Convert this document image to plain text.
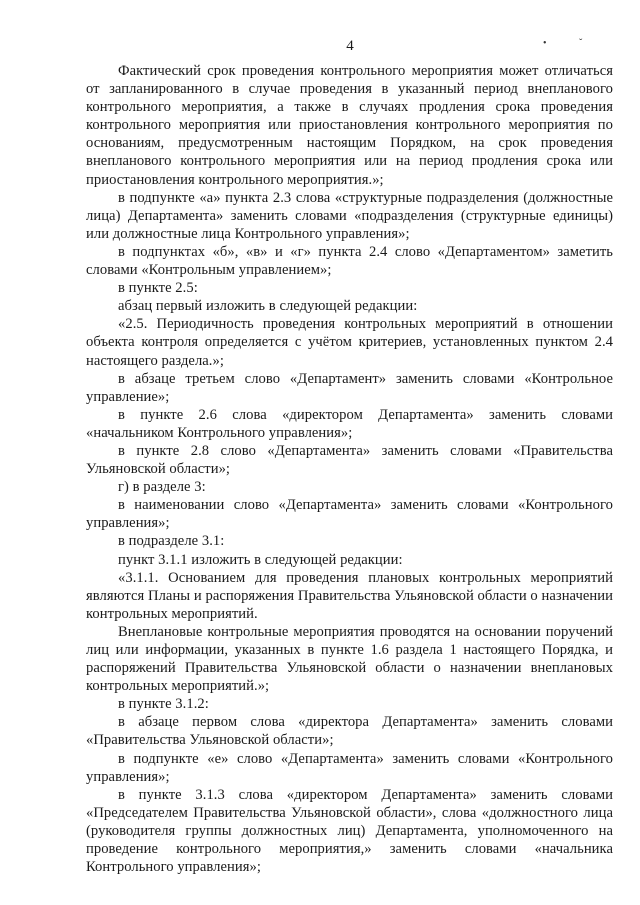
4	•	ˇ

Фактический срок проведения контрольного мероприятия может отличаться от запланированного в случае проведения в указанный период внепланового контрольного мероприятия, а также в случаях продления срока проведения контрольного мероприятия или приостановления контрольного мероприятия по основаниям, предусмотренным настоящим Порядком, на срок проведения внепланового контрольного мероприятия или на период продления срока или приостановления контрольного мероприятия.»;

в подпункте «а» пункта 2.3 слова «структурные подразделения (должностные лица) Департамента» заменить словами «подразделения (структурные единицы) или должностные лица Контрольного управления»;

в подпунктах «б», «в» и «г» пункта 2.4 слово «Департаментом» заметить словами «Контрольным управлением»;

в пункте 2.5:

абзац первый изложить в следующей редакции:

«2.5. Периодичность проведения контрольных мероприятий в отношении объекта контроля определяется с учётом критериев, установленных пунктом 2.4 настоящего раздела.»;

в абзаце третьем слово «Департамент» заменить словами «Контрольное управление»;

в пункте 2.6 слова «директором Департамента» заменить словами «начальником Контрольного управления»;

в пункте 2.8 слово «Департамента» заменить словами «Правительства Ульяновской области»;

г) в разделе 3:

в наименовании слово «Департамента» заменить словами «Контрольного управления»;

в подразделе 3.1:

пункт 3.1.1 изложить в следующей редакции:

«3.1.1. Основанием для проведения плановых контрольных мероприятий являются Планы и распоряжения Правительства Ульяновской области о назначении контрольных мероприятий.

Внеплановые контрольные мероприятия проводятся на основании поручений лиц или информации, указанных в пункте 1.6 раздела 1 настоящего Порядка, и распоряжений Правительства Ульяновской области о назначении внеплановых контрольных мероприятий.»;

в пункте 3.1.2:

в абзаце первом слова «директора Департамента» заменить словами «Правительства Ульяновской области»;

в подпункте «е» слово «Департамента» заменить словами «Контрольного управления»;

в пункте 3.1.3 слова «директором Департамента» заменить словами «Председателем Правительства Ульяновской области», слова «должностного лица (руководителя группы должностных лиц) Департамента, уполномоченного на проведение контрольного мероприятия,» заменить словами «начальника Контрольного управления»;
